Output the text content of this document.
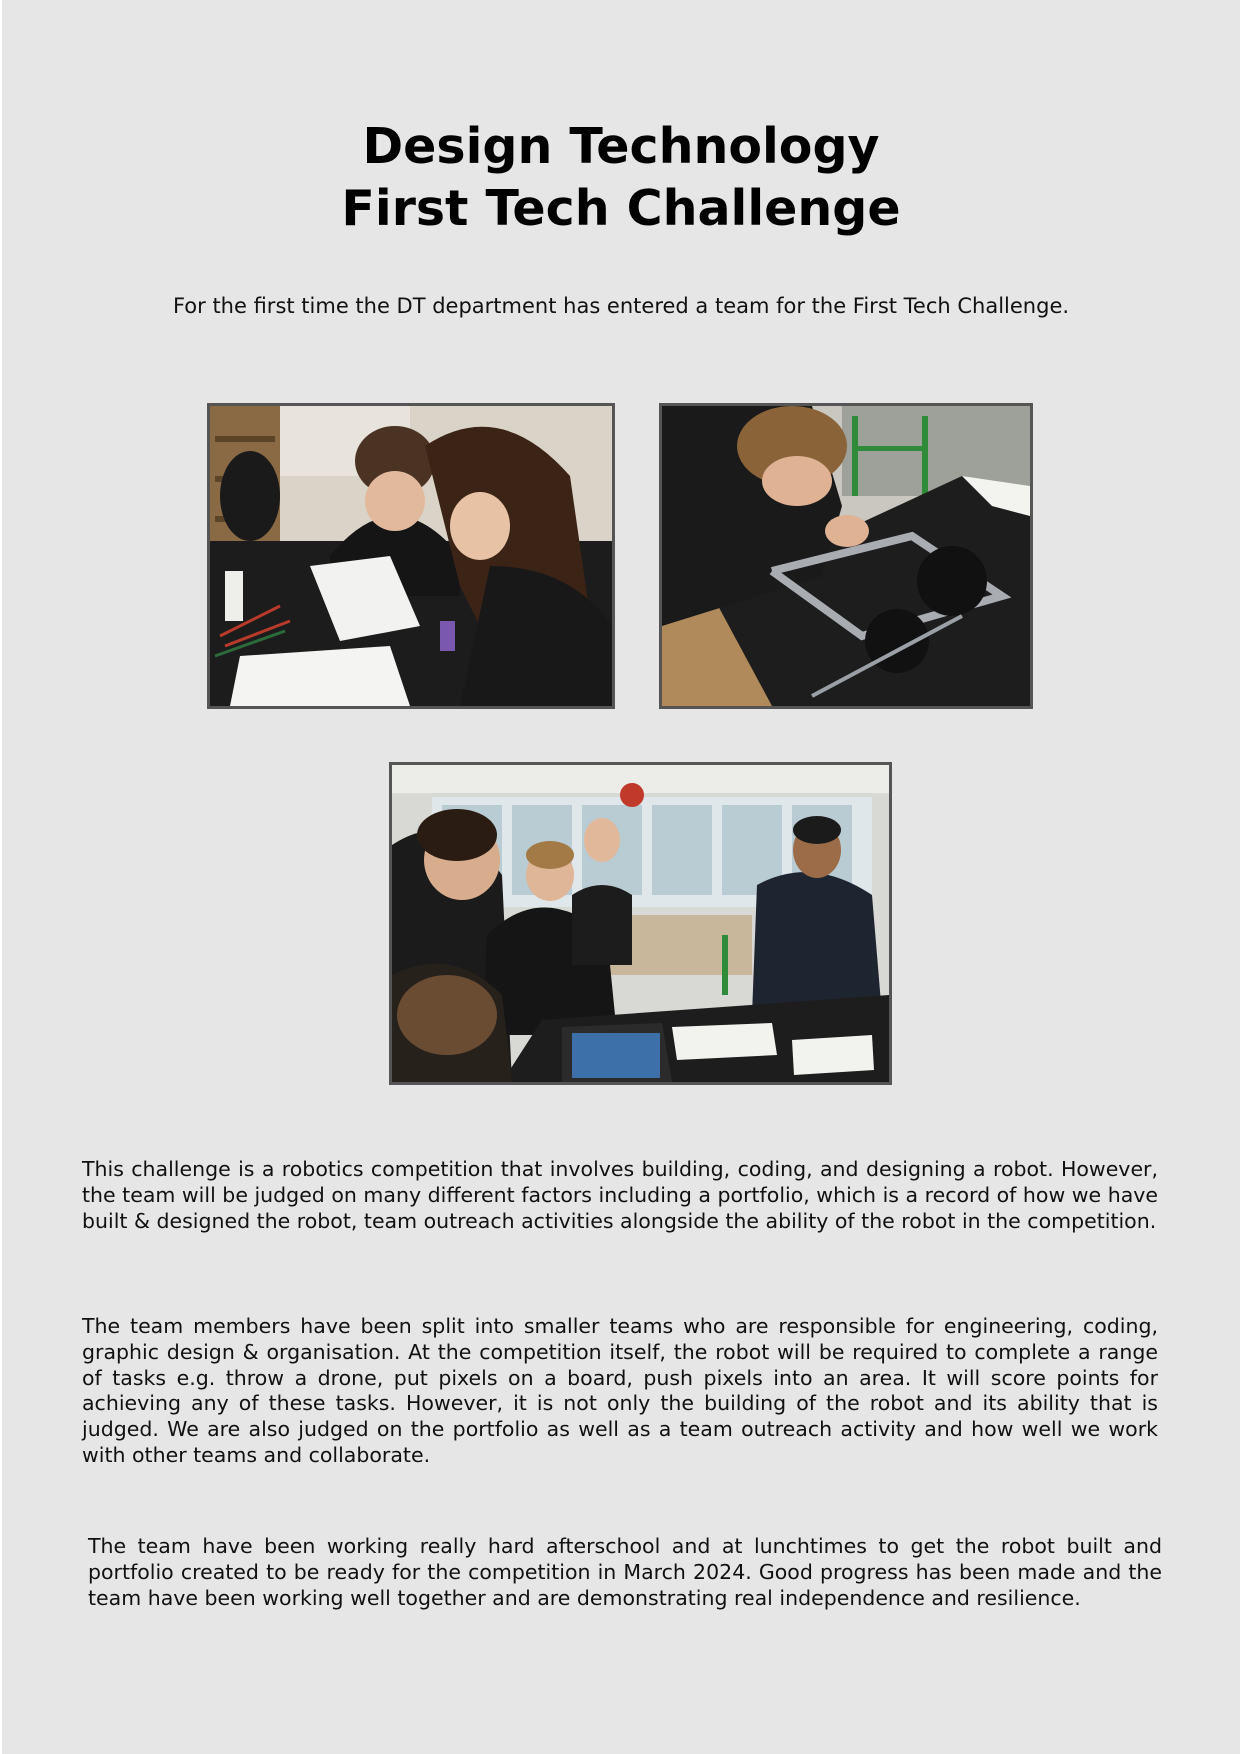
Design Technology
First Tech Challenge

For the first time the DT department has entered a team for the First Tech Challenge.

This challenge is a robotics competition that involves building, coding, and designing a robot. However, the team will be judged on many different factors including a portfolio, which is a record of how we have built & designed the robot, team outreach activities alongside the ability of the robot in the competition.

The team members have been split into smaller teams who are responsible for engineering, coding, graphic design & organisation. At the competition itself, the robot will be required to complete a range of tasks e.g. throw a drone, put pixels on a board, push pixels into an area. It will score points for achieving any of these tasks. However, it is not only the building of the robot and its ability that is judged. We are also judged on the portfolio as well as a team outreach activity and how well we work with other teams and collaborate.

The team have been working really hard afterschool and at lunchtimes to get the robot built and portfolio created to be ready for the competition in March 2024. Good progress has been made and the team have been working well together and are demonstrating real independence and resilience.
